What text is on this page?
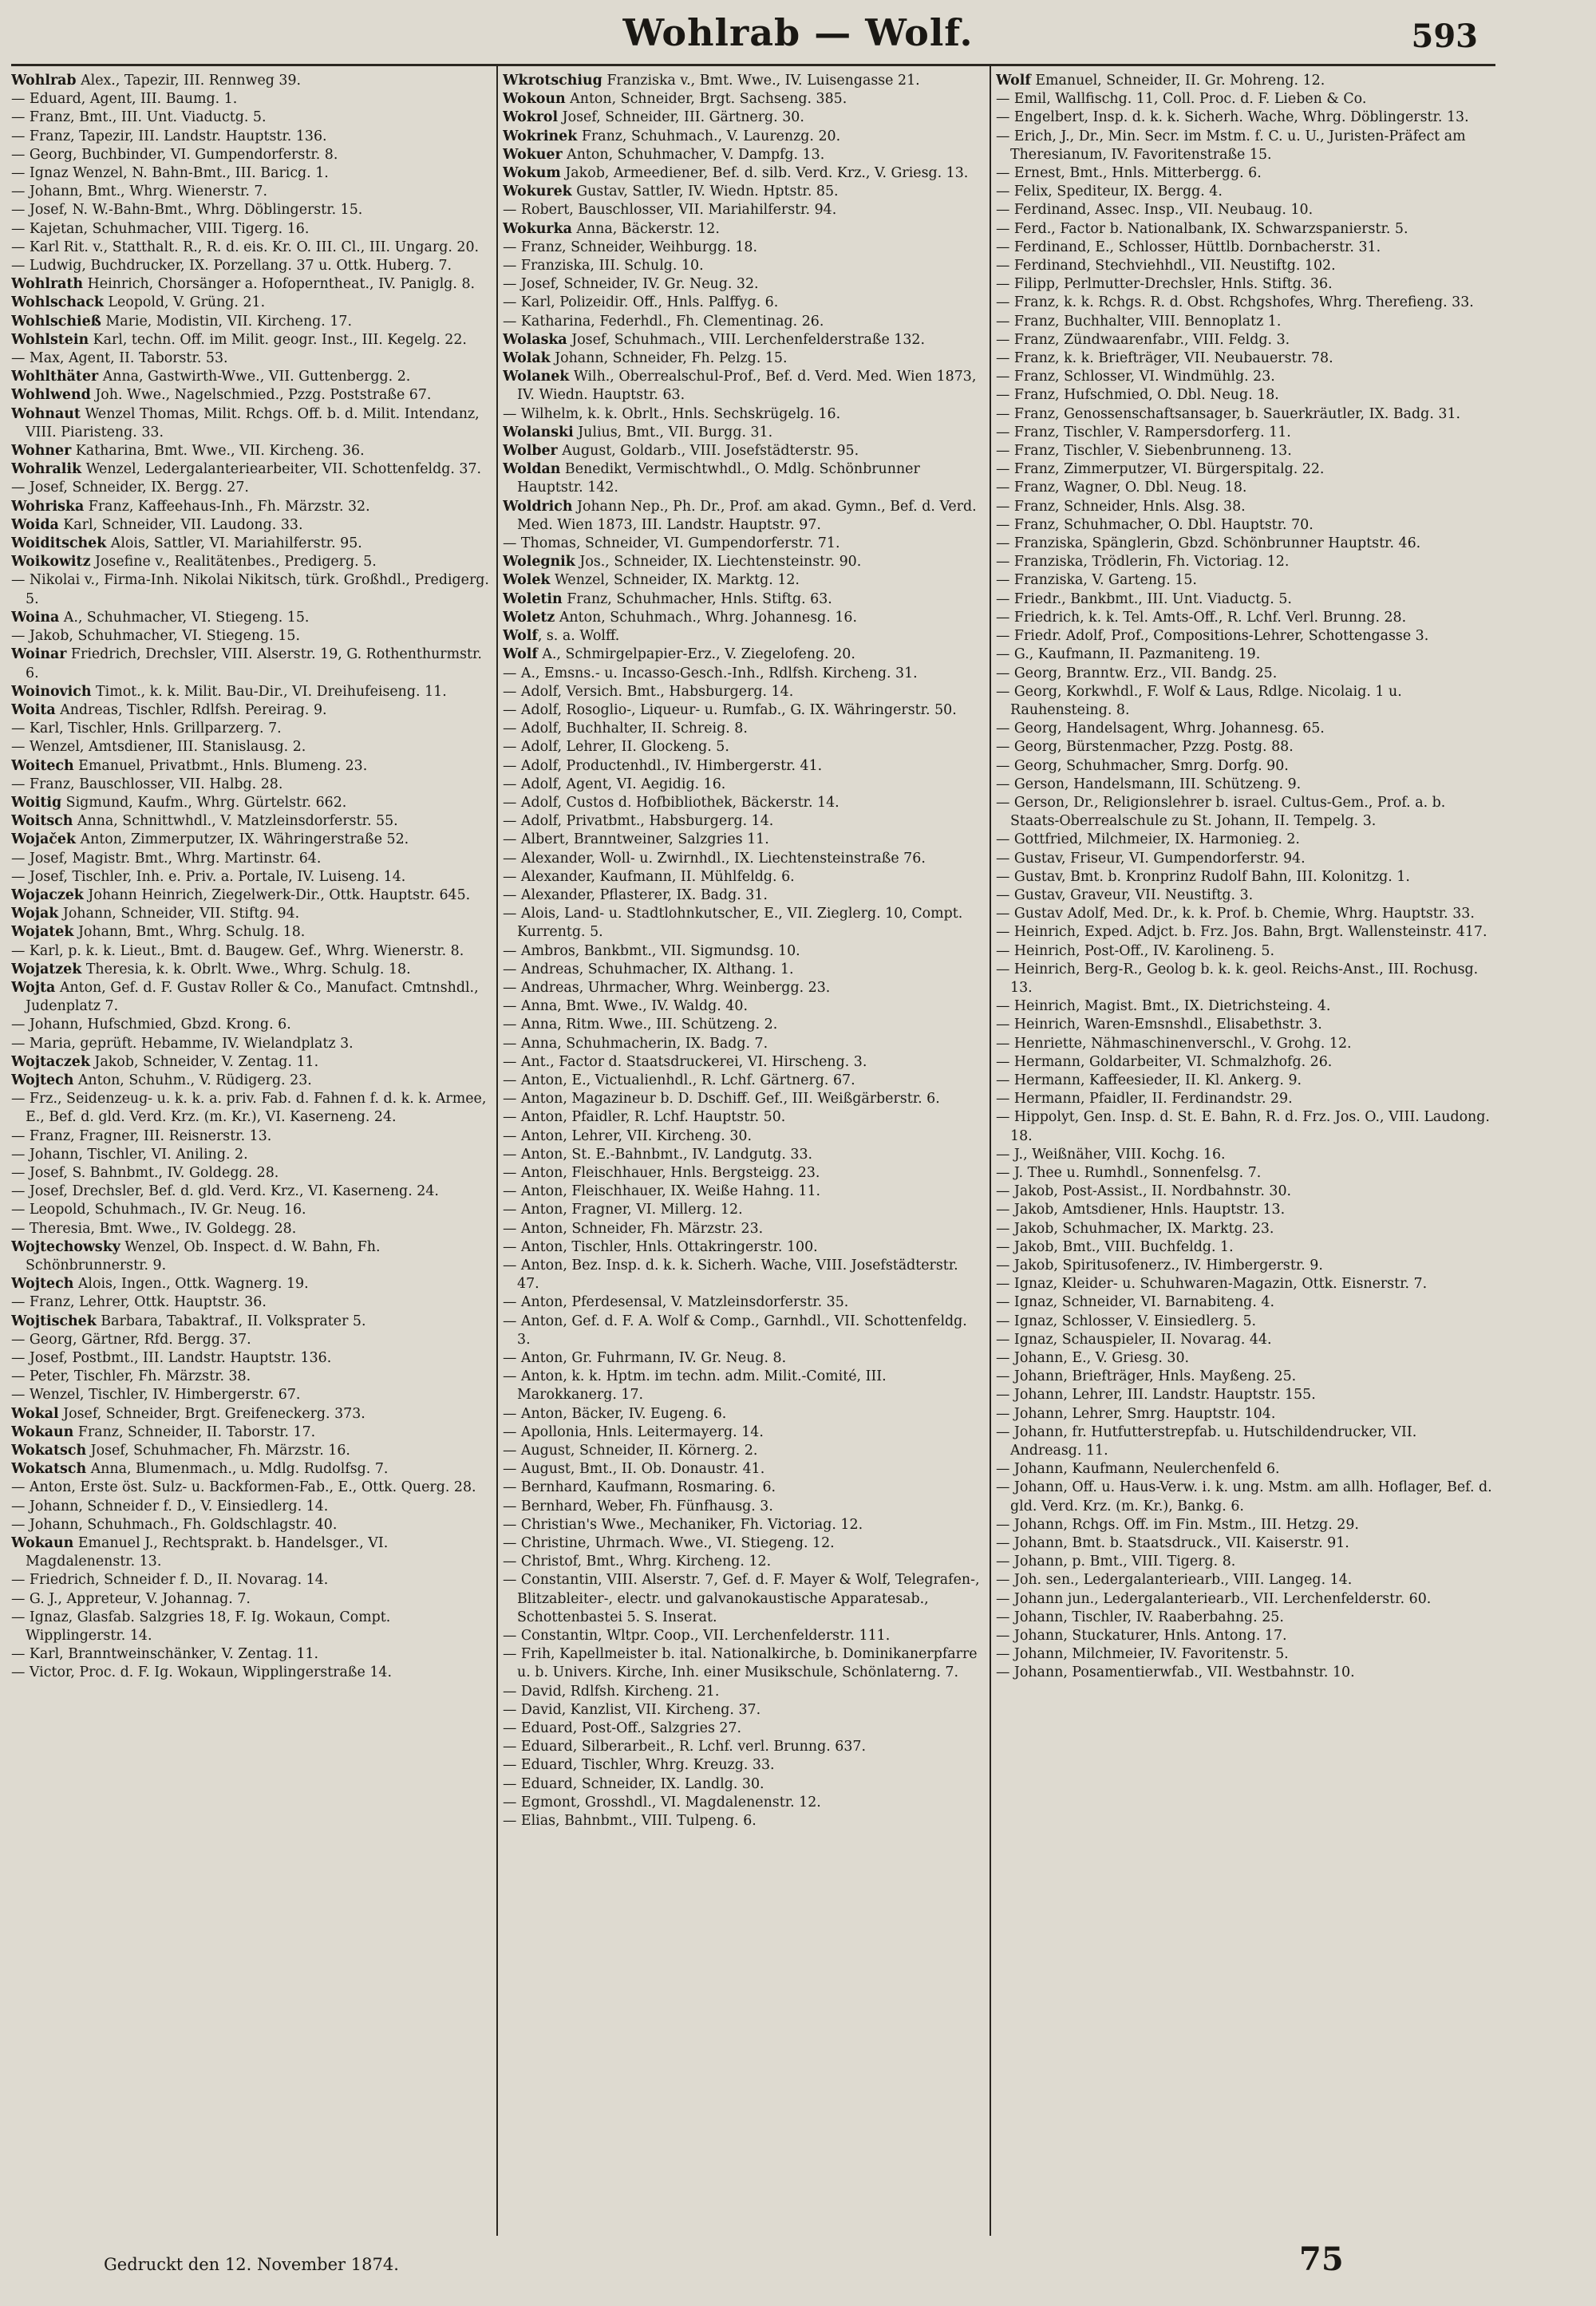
Wohlrab — Wolf.	593

Wohlrab Alex., Tapezir, III. Rennweg 39.

— Eduard, Agent, III. Baumg. 1.

— Franz, Bmt., III. Unt. Viaductg. 5.

— Franz, Tapezir, III. Landstr. Hauptstr. 136.

— Georg, Buchbinder, VI. Gumpendorferstr. 8.

— Ignaz Wenzel, N. Bahn-Bmt., III. Baricg. 1.

— Johann, Bmt., Whrg. Wienerstr. 7.

— Josef, N. W.-Bahn-Bmt., Whrg. Döblingerstr. 15.

— Kajetan, Schuhmacher, VIII. Tigerg. 16.

— Karl Rit. v., Statthalt. R., R. d. eis. Kr. O. III. Cl., III. Ungarg. 20.

— Ludwig, Buchdrucker, IX. Porzellang. 37 u. Ottk. Huberg. 7.

Wohlrath Heinrich, Chorsänger a. Hofoperntheat., IV. Paniglg. 8.

Wohlschack Leopold, V. Grüng. 21.

Wohlschieß Marie, Modistin, VII. Kircheng. 17.

Wohlstein Karl, techn. Off. im Milit. geogr. Inst., III. Kegelg. 22.

— Max, Agent, II. Taborstr. 53.

Wohlthäter Anna, Gastwirth-Wwe., VII. Guttenbergg. 2.

Wohlwend Joh. Wwe., Nagelschmied., Pzzg. Poststraße 67.

Wohnaut Wenzel Thomas, Milit. Rchgs. Off. b. d. Milit. Intendanz, VIII. Piaristeng. 33.

Wohner Katharina, Bmt. Wwe., VII. Kircheng. 36.

Wohralik Wenzel, Ledergalanteriearbeiter, VII. Schottenfeldg. 37.

— Josef, Schneider, IX. Bergg. 27.

Wohriska Franz, Kaffeehaus-Inh., Fh. Märzstr. 32.

Woida Karl, Schneider, VII. Laudong. 33.

Woiditschek Alois, Sattler, VI. Mariahilferstr. 95.

Woikowitz Josefine v., Realitätenbes., Predigerg. 5.

— Nikolai v., Firma-Inh. Nikolai Nikitsch, türk. Großhdl., Predigerg. 5.

Woina A., Schuhmacher, VI. Stiegeng. 15.

— Jakob, Schuhmacher, VI. Stiegeng. 15.

Woinar Friedrich, Drechsler, VIII. Alserstr. 19, G. Rothenthurmstr. 6.

Woinovich Timot., k. k. Milit. Bau-Dir., VI. Dreihufeiseng. 11.

Woita Andreas, Tischler, Rdlfsh. Pereirag. 9.

— Karl, Tischler, Hnls. Grillparzerg. 7.

— Wenzel, Amtsdiener, III. Stanislausg. 2.

Woitech Emanuel, Privatbmt., Hnls. Blumeng. 23.

— Franz, Bauschlosser, VII. Halbg. 28.

Woitig Sigmund, Kaufm., Whrg. Gürtelstr. 662.

Woitsch Anna, Schnittwhdl., V. Matzleinsdorferstr. 55.

Wojaček Anton, Zimmerputzer, IX. Währingerstraße 52.

— Josef, Magistr. Bmt., Whrg. Martinstr. 64.

— Josef, Tischler, Inh. e. Priv. a. Portale, IV. Luiseng. 14.

Wojaczek Johann Heinrich, Ziegelwerk-Dir., Ottk. Hauptstr. 645.

Wojak Johann, Schneider, VII. Stiftg. 94.

Wojatek Johann, Bmt., Whrg. Schulg. 18.

— Karl, p. k. k. Lieut., Bmt. d. Baugew. Gef., Whrg. Wienerstr. 8.

Wojatzek Theresia, k. k. Obrlt. Wwe., Whrg. Schulg. 18.

Wojta Anton, Gef. d. F. Gustav Roller & Co., Manufact. Cmtnshdl., Judenplatz 7.

— Johann, Hufschmied, Gbzd. Krong. 6.

— Maria, geprüft. Hebamme, IV. Wielandplatz 3.

Wojtaczek Jakob, Schneider, V. Zentag. 11.

Wojtech Anton, Schuhm., V. Rüdigerg. 23.

— Frz., Seidenzeug- u. k. k. a. priv. Fab. d. Fahnen f. d. k. k. Armee, E., Bef. d. gld. Verd. Krz. (m. Kr.), VI. Kaserneng. 24.

— Franz, Fragner, III. Reisnerstr. 13.

— Johann, Tischler, VI. Aniling. 2.

— Josef, S. Bahnbmt., IV. Goldegg. 28.

— Josef, Drechsler, Bef. d. gld. Verd. Krz., VI. Kaserneng. 24.

— Leopold, Schuhmach., IV. Gr. Neug. 16.

— Theresia, Bmt. Wwe., IV. Goldegg. 28.

Wojtechowsky Wenzel, Ob. Inspect. d. W. Bahn, Fh. Schönbrunnerstr. 9.

Wojtech Alois, Ingen., Ottk. Wagnerg. 19.

— Franz, Lehrer, Ottk. Hauptstr. 36.

Wojtischek Barbara, Tabaktraf., II. Volksprater 5.

— Georg, Gärtner, Rfd. Bergg. 37.

— Josef, Postbmt., III. Landstr. Hauptstr. 136.

— Peter, Tischler, Fh. Märzstr. 38.

— Wenzel, Tischler, IV. Himbergerstr. 67.

Wokal Josef, Schneider, Brgt. Greifeneckerg. 373.

Wokaun Franz, Schneider, II. Taborstr. 17.

Wokatsch Josef, Schuhmacher, Fh. Märzstr. 16.

Wokatsch Anna, Blumenmach., u. Mdlg. Rudolfsg. 7.

— Anton, Erste öst. Sulz- u. Backformen-Fab., E., Ottk. Querg. 28.

— Johann, Schneider f. D., V. Einsiedlerg. 14.

— Johann, Schuhmach., Fh. Goldschlagstr. 40.

Wokaun Emanuel J., Rechtsprakt. b. Handelsger., VI. Magdalenenstr. 13.

— Friedrich, Schneider f. D., II. Novarag. 14.

— G. J., Appreteur, V. Johannag. 7.

— Ignaz, Glasfab. Salzgries 18, F. Ig. Wokaun, Compt. Wipplingerstr. 14.

— Karl, Branntweinschänker, V. Zentag. 11.

— Victor, Proc. d. F. Ig. Wokaun, Wipplingerstraße 14.

Wkrotschiug Franziska v., Bmt. Wwe., IV. Luisengasse 21.

Wokoun Anton, Schneider, Brgt. Sachseng. 385.

Wokrol Josef, Schneider, III. Gärtnerg. 30.

Wokrinek Franz, Schuhmach., V. Laurenzg. 20.

Wokuer Anton, Schuhmacher, V. Dampfg. 13.

Wokum Jakob, Armeediener, Bef. d. silb. Verd. Krz., V. Griesg. 13.

Wokurek Gustav, Sattler, IV. Wiedn. Hptstr. 85.

— Robert, Bauschlosser, VII. Mariahilferstr. 94.

Wokurka Anna, Bäckerstr. 12.

— Franz, Schneider, Weihburgg. 18.

— Franziska, III. Schulg. 10.

— Josef, Schneider, IV. Gr. Neug. 32.

— Karl, Polizeidir. Off., Hnls. Palffyg. 6.

— Katharina, Federhdl., Fh. Clementinag. 26.

Wolaska Josef, Schuhmach., VIII. Lerchenfelderstraße 132.

Wolak Johann, Schneider, Fh. Pelzg. 15.

Wolanek Wilh., Oberrealschul-Prof., Bef. d. Verd. Med. Wien 1873, IV. Wiedn. Hauptstr. 63.

— Wilhelm, k. k. Obrlt., Hnls. Sechskrügelg. 16.

Wolanski Julius, Bmt., VII. Burgg. 31.

Wolber August, Goldarb., VIII. Josefstädterstr. 95.

Woldan Benedikt, Vermischtwhdl., O. Mdlg. Schönbrunner Hauptstr. 142.

Woldrich Johann Nep., Ph. Dr., Prof. am akad. Gymn., Bef. d. Verd. Med. Wien 1873, III. Landstr. Hauptstr. 97.

— Thomas, Schneider, VI. Gumpendorferstr. 71.

Wolegnik Jos., Schneider, IX. Liechtensteinstr. 90.

Wolek Wenzel, Schneider, IX. Marktg. 12.

Woletin Franz, Schuhmacher, Hnls. Stiftg. 63.

Woletz Anton, Schuhmach., Whrg. Johannesg. 16.

Wolf, s. a. Wolff.

Wolf A., Schmirgelpapier-Erz., V. Ziegelofeng. 20.

— A., Emsns.- u. Incasso-Gesch.-Inh., Rdlfsh. Kircheng. 31.

— Adolf, Versich. Bmt., Habsburgerg. 14.

— Adolf, Rosoglio-, Liqueur- u. Rumfab., G. IX. Währingerstr. 50.

— Adolf, Buchhalter, II. Schreig. 8.

— Adolf, Lehrer, II. Glockeng. 5.

— Adolf, Productenhdl., IV. Himbergerstr. 41.

— Adolf, Agent, VI. Aegidig. 16.

— Adolf, Custos d. Hofbibliothek, Bäckerstr. 14.

— Adolf, Privatbmt., Habsburgerg. 14.

— Albert, Branntweiner, Salzgries 11.

— Alexander, Woll- u. Zwirnhdl., IX. Liechtensteinstraße 76.

— Alexander, Kaufmann, II. Mühlfeldg. 6.

— Alexander, Pflasterer, IX. Badg. 31.

— Alois, Land- u. Stadtlohnkutscher, E., VII. Zieglerg. 10, Compt. Kurrentg. 5.

— Ambros, Bankbmt., VII. Sigmundsg. 10.

— Andreas, Schuhmacher, IX. Althang. 1.

— Andreas, Uhrmacher, Whrg. Weinbergg. 23.

— Anna, Bmt. Wwe., IV. Waldg. 40.

— Anna, Ritm. Wwe., III. Schützeng. 2.

— Anna, Schuhmacherin, IX. Badg. 7.

— Ant., Factor d. Staatsdruckerei, VI. Hirscheng. 3.

— Anton, E., Victualienhdl., R. Lchf. Gärtnerg. 67.

— Anton, Magazineur b. D. Dschiff. Gef., III. Weißgärberstr. 6.

— Anton, Pfaidler, R. Lchf. Hauptstr. 50.

— Anton, Lehrer, VII. Kircheng. 30.

— Anton, St. E.-Bahnbmt., IV. Landgutg. 33.

— Anton, Fleischhauer, Hnls. Bergsteigg. 23.

— Anton, Fleischhauer, IX. Weiße Hahng. 11.

— Anton, Fragner, VI. Millerg. 12.

— Anton, Schneider, Fh. Märzstr. 23.

— Anton, Tischler, Hnls. Ottakringerstr. 100.

— Anton, Bez. Insp. d. k. k. Sicherh. Wache, VIII. Josefstädterstr. 47.

— Anton, Pferdesensal, V. Matzleinsdorferstr. 35.

— Anton, Gef. d. F. A. Wolf & Comp., Garnhdl., VII. Schottenfeldg. 3.

— Anton, Gr. Fuhrmann, IV. Gr. Neug. 8.

— Anton, k. k. Hptm. im techn. adm. Milit.-Comité, III. Marokkanerg. 17.

— Anton, Bäcker, IV. Eugeng. 6.

— Apollonia, Hnls. Leitermayerg. 14.

— August, Schneider, II. Körnerg. 2.

— August, Bmt., II. Ob. Donaustr. 41.

— Bernhard, Kaufmann, Rosmaring. 6.

— Bernhard, Weber, Fh. Fünfhausg. 3.

— Christian's Wwe., Mechaniker, Fh. Victoriag. 12.

— Christine, Uhrmach. Wwe., VI. Stiegeng. 12.

— Christof, Bmt., Whrg. Kircheng. 12.

— Constantin, VIII. Alserstr. 7, Gef. d. F. Mayer & Wolf, Telegrafen-, Blitzableiter-, electr. und galvanokaustische Apparatesab., Schottenbastei 5. S. Inserat.

— Constantin, Wltpr. Coop., VII. Lerchenfelderstr. 111.

— Frih, Kapellmeister b. ital. Nationalkirche, b. Dominikanerpfarre u. b. Univers. Kirche, Inh. einer Musikschule, Schönlaterng. 7.

— David, Rdlfsh. Kircheng. 21.

— David, Kanzlist, VII. Kircheng. 37.

— Eduard, Post-Off., Salzgries 27.

— Eduard, Silberarbeit., R. Lchf. verl. Brunng. 637.

— Eduard, Tischler, Whrg. Kreuzg. 33.

— Eduard, Schneider, IX. Landlg. 30.

— Egmont, Grosshdl., VI. Magdalenenstr. 12.

— Elias, Bahnbmt., VIII. Tulpeng. 6.

Wolf Emanuel, Schneider, II. Gr. Mohreng. 12.

— Emil, Wallfischg. 11, Coll. Proc. d. F. Lieben & Co.

— Engelbert, Insp. d. k. k. Sicherh. Wache, Whrg. Döblingerstr. 13.

— Erich, J., Dr., Min. Secr. im Mstm. f. C. u. U., Juristen-Präfect am Theresianum, IV. Favoritenstraße 15.

— Ernest, Bmt., Hnls. Mitterbergg. 6.

— Felix, Spediteur, IX. Bergg. 4.

— Ferdinand, Assec. Insp., VII. Neubaug. 10.

— Ferd., Factor b. Nationalbank, IX. Schwarzspanierstr. 5.

— Ferdinand, E., Schlosser, Hüttlb. Dornbacherstr. 31.

— Ferdinand, Stechviehhdl., VII. Neustiftg. 102.

— Filipp, Perlmutter-Drechsler, Hnls. Stiftg. 36.

— Franz, k. k. Rchgs. R. d. Obst. Rchgshofes, Whrg. Therefieng. 33.

— Franz, Buchhalter, VIII. Bennoplatz 1.

— Franz, Zündwaarenfabr., VIII. Feldg. 3.

— Franz, k. k. Briefträger, VII. Neubauerstr. 78.

— Franz, Schlosser, VI. Windmühlg. 23.

— Franz, Hufschmied, O. Dbl. Neug. 18.

— Franz, Genossenschaftsansager, b. Sauerkräutler, IX. Badg. 31.

— Franz, Tischler, V. Rampersdorferg. 11.

— Franz, Tischler, V. Siebenbrunneng. 13.

— Franz, Zimmerputzer, VI. Bürgerspitalg. 22.

— Franz, Wagner, O. Dbl. Neug. 18.

— Franz, Schneider, Hnls. Alsg. 38.

— Franz, Schuhmacher, O. Dbl. Hauptstr. 70.

— Franziska, Spänglerin, Gbzd. Schönbrunner Hauptstr. 46.

— Franziska, Trödlerin, Fh. Victoriag. 12.

— Franziska, V. Garteng. 15.

— Friedr., Bankbmt., III. Unt. Viaductg. 5.

— Friedrich, k. k. Tel. Amts-Off., R. Lchf. Verl. Brunng. 28.

— Friedr. Adolf, Prof., Compositions-Lehrer, Schottengasse 3.

— G., Kaufmann, II. Pazmaniteng. 19.

— Georg, Branntw. Erz., VII. Bandg. 25.

— Georg, Korkwhdl., F. Wolf & Laus, Rdlge. Nicolaig. 1 u. Rauhensteing. 8.

— Georg, Handelsagent, Whrg. Johannesg. 65.

— Georg, Bürstenmacher, Pzzg. Postg. 88.

— Georg, Schuhmacher, Smrg. Dorfg. 90.

— Gerson, Handelsmann, III. Schützeng. 9.

— Gerson, Dr., Religionslehrer b. israel. Cultus-Gem., Prof. a. b. Staats-Oberrealschule zu St. Johann, II. Tempelg. 3.

— Gottfried, Milchmeier, IX. Harmonieg. 2.

— Gustav, Friseur, VI. Gumpendorferstr. 94.

— Gustav, Bmt. b. Kronprinz Rudolf Bahn, III. Kolonitzg. 1.

— Gustav, Graveur, VII. Neustiftg. 3.

— Gustav Adolf, Med. Dr., k. k. Prof. b. Chemie, Whrg. Hauptstr. 33.

— Heinrich, Exped. Adjct. b. Frz. Jos. Bahn, Brgt. Wallensteinstr. 417.

— Heinrich, Post-Off., IV. Karolineng. 5.

— Heinrich, Berg-R., Geolog b. k. k. geol. Reichs-Anst., III. Rochusg. 13.

— Heinrich, Magist. Bmt., IX. Dietrichsteing. 4.

— Heinrich, Waren-Emsnshdl., Elisabethstr. 3.

— Henriette, Nähmaschinenverschl., V. Grohg. 12.

— Hermann, Goldarbeiter, VI. Schmalzhofg. 26.

— Hermann, Kaffeesieder, II. Kl. Ankerg. 9.

— Hermann, Pfaidler, II. Ferdinandstr. 29.

— Hippolyt, Gen. Insp. d. St. E. Bahn, R. d. Frz. Jos. O., VIII. Laudong. 18.

— J., Weißnäher, VIII. Kochg. 16.

— J. Thee u. Rumhdl., Sonnenfelsg. 7.

— Jakob, Post-Assist., II. Nordbahnstr. 30.

— Jakob, Amtsdiener, Hnls. Hauptstr. 13.

— Jakob, Schuhmacher, IX. Marktg. 23.

— Jakob, Bmt., VIII. Buchfeldg. 1.

— Jakob, Spiritusofenerz., IV. Himbergerstr. 9.

— Ignaz, Kleider- u. Schuhwaren-Magazin, Ottk. Eisnerstr. 7.

— Ignaz, Schneider, VI. Barnabiteng. 4.

— Ignaz, Schlosser, V. Einsiedlerg. 5.

— Ignaz, Schauspieler, II. Novarag. 44.

— Johann, E., V. Griesg. 30.

— Johann, Briefträger, Hnls. Mayßeng. 25.

— Johann, Lehrer, III. Landstr. Hauptstr. 155.

— Johann, Lehrer, Smrg. Hauptstr. 104.

— Johann, fr. Hutfutterstrepfab. u. Hutschildendrucker, VII. Andreasg. 11.

— Johann, Kaufmann, Neulerchenfeld 6.

— Johann, Off. u. Haus-Verw. i. k. ung. Mstm. am allh. Hoflager, Bef. d. gld. Verd. Krz. (m. Kr.), Bankg. 6.

— Johann, Rchgs. Off. im Fin. Mstm., III. Hetzg. 29.

— Johann, Bmt. b. Staatsdruck., VII. Kaiserstr. 91.

— Johann, p. Bmt., VIII. Tigerg. 8.

— Joh. sen., Ledergalanteriearb., VIII. Langeg. 14.

— Johann jun., Ledergalanteriearb., VII. Lerchenfelderstr. 60.

— Johann, Tischler, IV. Raaberbahng. 25.

— Johann, Stuckaturer, Hnls. Antong. 17.

— Johann, Milchmeier, IV. Favoritenstr. 5.

— Johann, Posamentierwfab., VII. Westbahnstr. 10.

Gedruckt den 12. November 1874.	75
